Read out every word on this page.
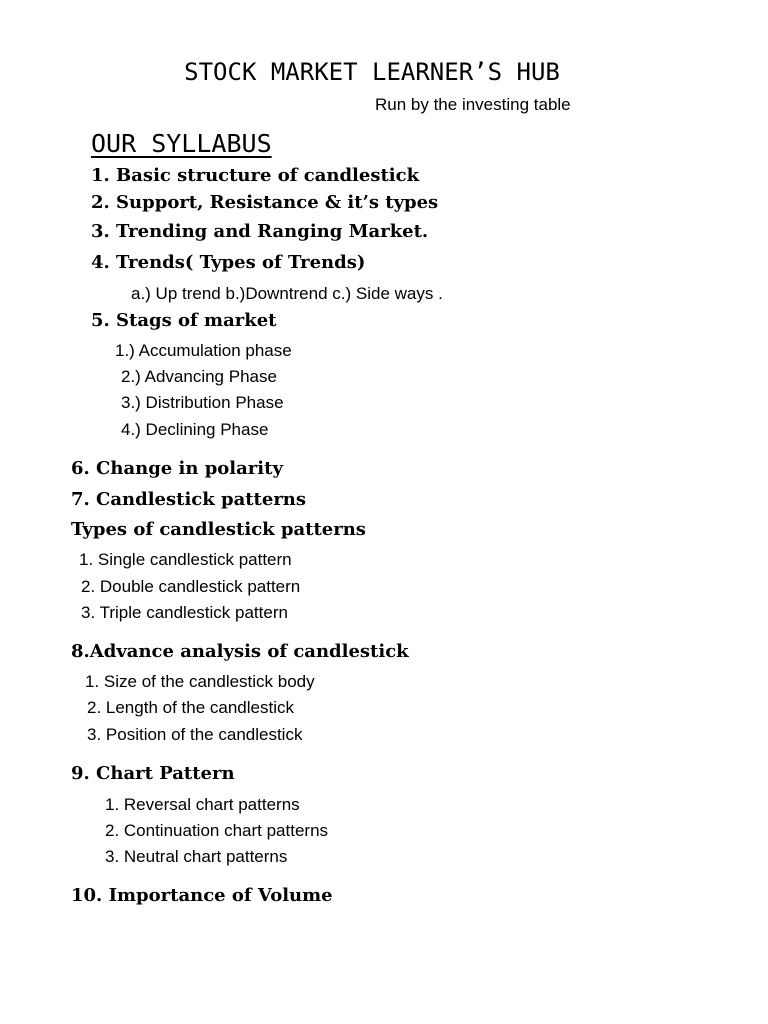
STOCK MARKET LEARNER’S HUB
Run by the investing table
OUR SYLLABUS
1. Basic structure of candlestick
2. Support, Resistance & it’s types
3. Trending and Ranging Market.
4. Trends( Types of Trends)
a.) Up trend b.)Downtrend c.) Side ways .
5. Stags of market
1.) Accumulation phase
2.) Advancing Phase
3.) Distribution Phase
4.) Declining Phase
6. Change in polarity
7. Candlestick patterns
Types of candlestick patterns
1. Single candlestick pattern
2. Double candlestick pattern
3. Triple candlestick pattern
8.Advance analysis of candlestick
1. Size of the candlestick body
2. Length of the candlestick
3. Position of the candlestick
9. Chart Pattern
1. Reversal chart patterns
2. Continuation chart patterns
3. Neutral chart patterns
10. Importance of Volume
